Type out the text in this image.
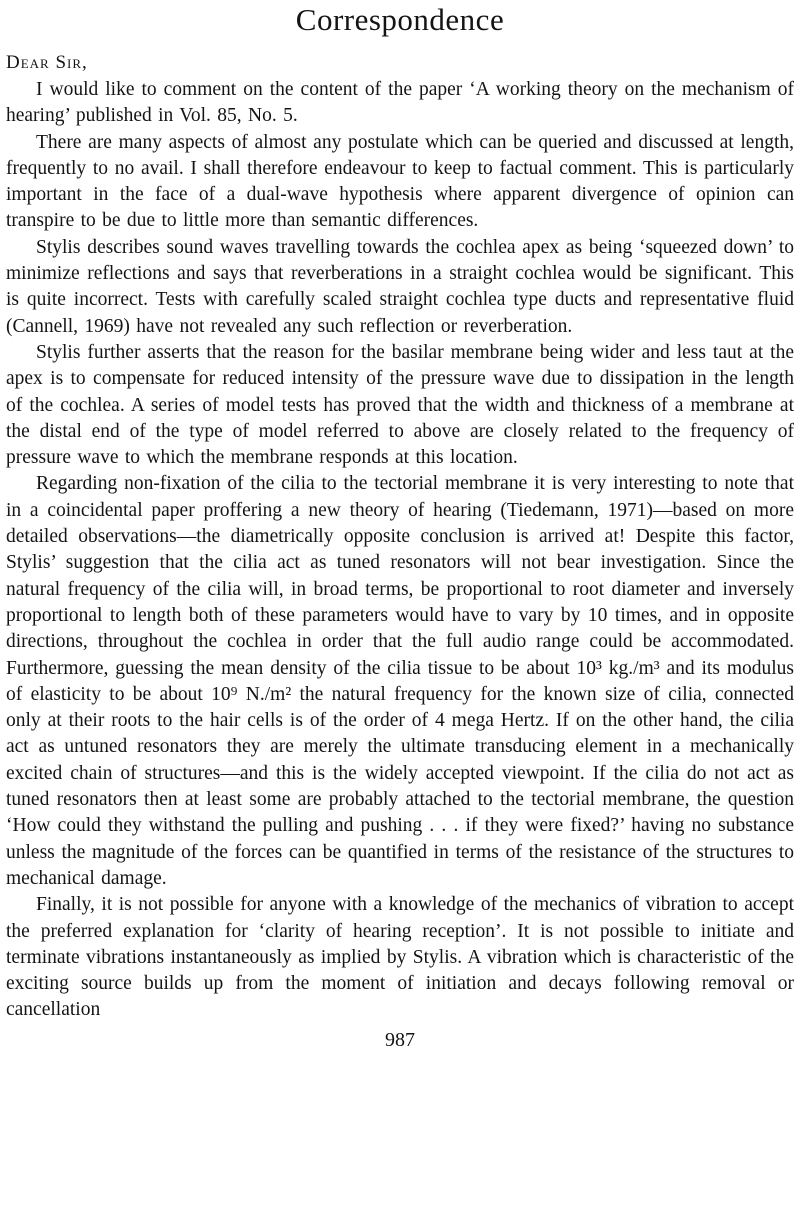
Correspondence
Dear Sir,

I would like to comment on the content of the paper ‘A working theory on the mechanism of hearing’ published in Vol. 85, No. 5.

There are many aspects of almost any postulate which can be queried and discussed at length, frequently to no avail. I shall therefore endeavour to keep to factual comment. This is particularly important in the face of a dual-wave hypothesis where apparent divergence of opinion can transpire to be due to little more than semantic differences.

Stylis describes sound waves travelling towards the cochlea apex as being ‘squeezed down’ to minimize reflections and says that reverberations in a straight cochlea would be significant. This is quite incorrect. Tests with carefully scaled straight cochlea type ducts and representative fluid (Cannell, 1969) have not revealed any such reflection or reverberation.

Stylis further asserts that the reason for the basilar membrane being wider and less taut at the apex is to compensate for reduced intensity of the pressure wave due to dissipation in the length of the cochlea. A series of model tests has proved that the width and thickness of a membrane at the distal end of the type of model referred to above are closely related to the frequency of pressure wave to which the membrane responds at this location.

Regarding non-fixation of the cilia to the tectorial membrane it is very interesting to note that in a coincidental paper proffering a new theory of hearing (Tiedemann, 1971)—based on more detailed observations—the diametrically opposite conclusion is arrived at! Despite this factor, Stylis’ suggestion that the cilia act as tuned resonators will not bear investigation. Since the natural frequency of the cilia will, in broad terms, be proportional to root diameter and inversely proportional to length both of these parameters would have to vary by 10 times, and in opposite directions, throughout the cochlea in order that the full audio range could be accommodated. Furthermore, guessing the mean density of the cilia tissue to be about 10³ kg./m³ and its modulus of elasticity to be about 10⁹ N./m² the natural frequency for the known size of cilia, connected only at their roots to the hair cells is of the order of 4 mega Hertz. If on the other hand, the cilia act as untuned resonators they are merely the ultimate transducing element in a mechanically excited chain of structures—and this is the widely accepted viewpoint. If the cilia do not act as tuned resonators then at least some are probably attached to the tectorial membrane, the question ‘How could they withstand the pulling and pushing . . . if they were fixed?’ having no substance unless the magnitude of the forces can be quantified in terms of the resistance of the structures to mechanical damage.

Finally, it is not possible for anyone with a knowledge of the mechanics of vibration to accept the preferred explanation for ‘clarity of hearing reception’. It is not possible to initiate and terminate vibrations instantaneously as implied by Stylis. A vibration which is characteristic of the exciting source builds up from the moment of initiation and decays following removal or cancellation

987
